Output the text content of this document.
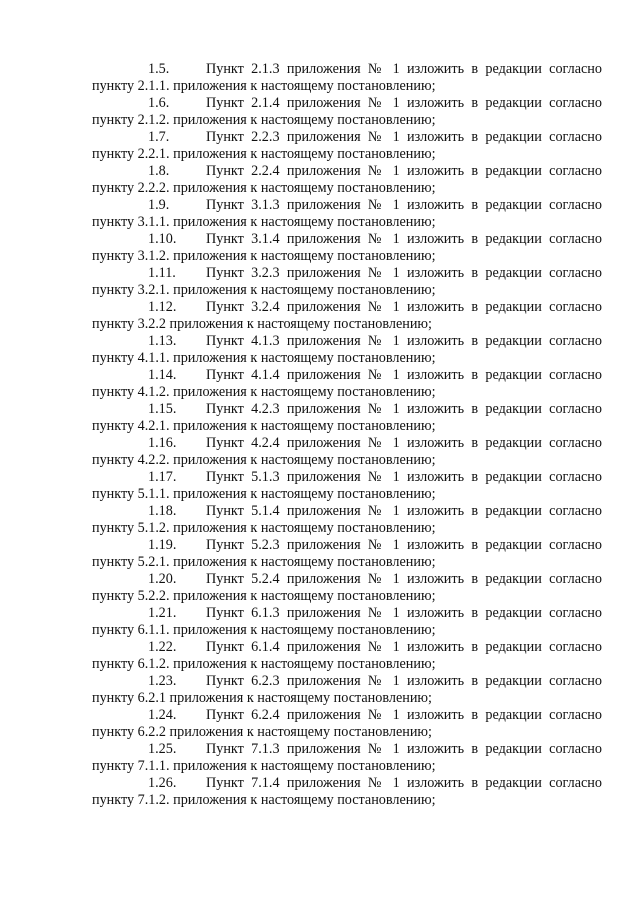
1.5.	Пункт 2.1.3 приложения № 1 изложить в редакции согласно
пункту 2.1.1. приложения к настоящему постановлению;
1.6.	Пункт 2.1.4 приложения № 1 изложить в редакции согласно
пункту 2.1.2. приложения к настоящему постановлению;
1.7.	Пункт 2.2.3 приложения № 1 изложить в редакции согласно
пункту 2.2.1. приложения к настоящему постановлению;
1.8.	Пункт 2.2.4 приложения № 1 изложить в редакции согласно
пункту 2.2.2. приложения к настоящему постановлению;
1.9.	Пункт 3.1.3 приложения № 1 изложить в редакции согласно
пункту 3.1.1. приложения к настоящему постановлению;
1.10. Пункт 3.1.4 приложения № 1 изложить в редакции согласно
пункту 3.1.2. приложения к настоящему постановлению;
1.11. Пункт 3.2.3 приложения № 1 изложить в редакции согласно
пункту 3.2.1. приложения к настоящему постановлению;
1.12. Пункт 3.2.4 приложения № 1 изложить в редакции согласно
пункту 3.2.2 приложения к настоящему постановлению;
1.13. Пункт 4.1.3 приложения № 1 изложить в редакции согласно
пункту 4.1.1. приложения к настоящему постановлению;
1.14. Пункт 4.1.4 приложения № 1 изложить в редакции согласно
пункту 4.1.2. приложения к настоящему постановлению;
1.15. Пункт 4.2.3 приложения № 1 изложить в редакции согласно
пункту 4.2.1. приложения к настоящему постановлению;
1.16. Пункт 4.2.4 приложения № 1 изложить в редакции согласно
пункту 4.2.2. приложения к настоящему постановлению;
1.17. Пункт 5.1.3 приложения № 1 изложить в редакции согласно
пункту 5.1.1. приложения к настоящему постановлению;
1.18. Пункт 5.1.4 приложения № 1 изложить в редакции согласно
пункту 5.1.2. приложения к настоящему постановлению;
1.19. Пункт 5.2.3 приложения № 1 изложить в редакции согласно
пункту 5.2.1. приложения к настоящему постановлению;
1.20. Пункт 5.2.4 приложения № 1 изложить в редакции согласно
пункту 5.2.2. приложения к настоящему постановлению;
1.21. Пункт 6.1.3 приложения № 1 изложить в редакции согласно
пункту 6.1.1. приложения к настоящему постановлению;
1.22. Пункт 6.1.4 приложения № 1 изложить в редакции согласно
пункту 6.1.2. приложения к настоящему постановлению;
1.23. Пункт 6.2.3 приложения № 1 изложить в редакции согласно
пункту 6.2.1 приложения к настоящему постановлению;
1.24. Пункт 6.2.4 приложения № 1 изложить в редакции согласно
пункту 6.2.2 приложения к настоящему постановлению;
1.25. Пункт 7.1.3 приложения № 1 изложить в редакции согласно
пункту 7.1.1. приложения к настоящему постановлению;
1.26. Пункт 7.1.4 приложения № 1 изложить в редакции согласно
пункту 7.1.2. приложения к настоящему постановлению;
